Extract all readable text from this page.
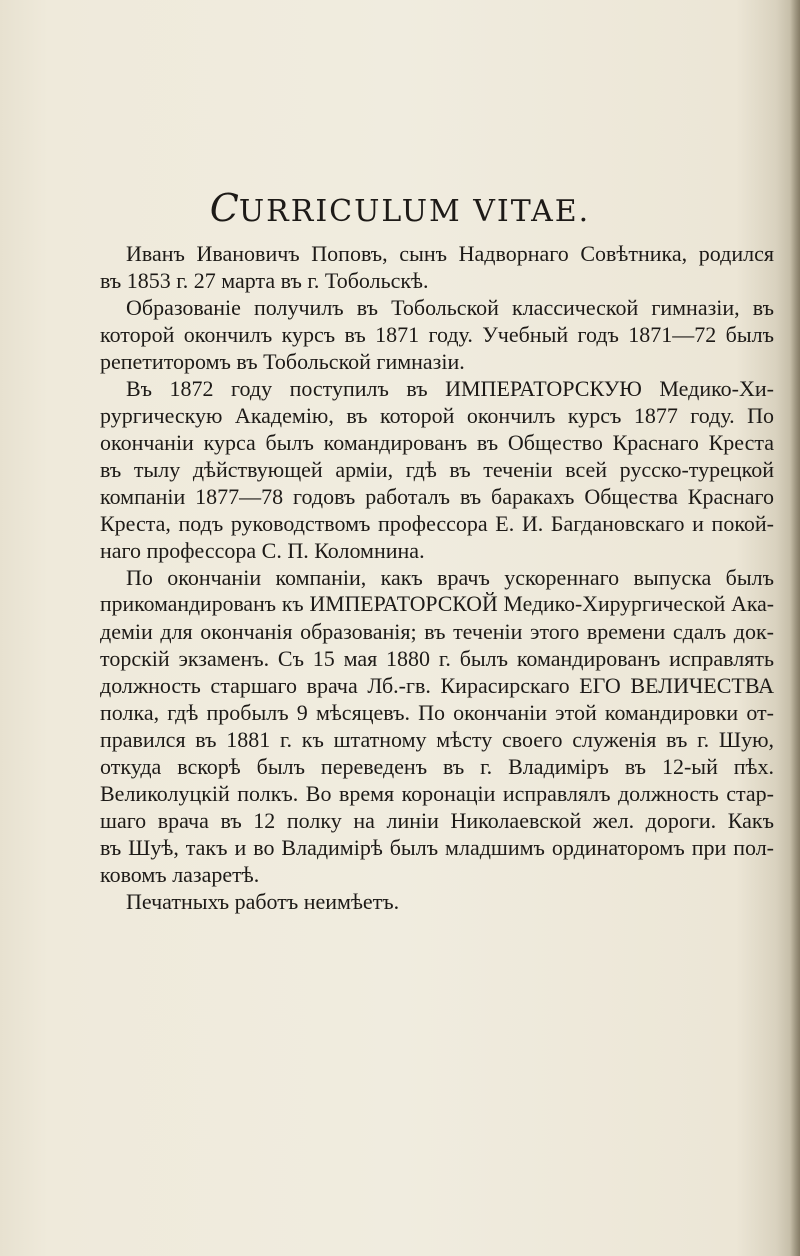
CURRICULUM VITAE.
Иванъ Ивановичъ Поповъ, сынъ Надворнаго Совѣтника, родился
въ 1853 г. 27 марта въ г. Тобольскѣ.
Образованіе получилъ въ Тобольской классической гимназіи, въ
которой окончилъ курсъ въ 1871 году. Учебный годъ 1871—72 былъ
репетиторомъ въ Тобольской гимназіи.
Въ 1872 году поступилъ въ ИМПЕРАТОРСКУЮ Медико-Хи-
рургическую Академію, въ которой окончилъ курсъ 1877 году. По
окончаніи курса былъ командированъ въ Общество Краснаго Креста
въ тылу дѣйствующей арміи, гдѣ въ теченіи всей русско-турецкой
компаніи 1877—78 годовъ работалъ въ баракахъ Общества Краснаго
Креста, подъ руководствомъ профессора Е. И. Багдановскаго и покой-
наго профессора С. П. Коломнина.
По окончаніи компаніи, какъ врачъ ускореннаго выпуска былъ
прикомандированъ къ ИМПЕРАТОРСКОЙ Медико-Хирургической Ака-
деміи для окончанія образованія; въ теченіи этого времени сдалъ док-
торскій экзаменъ. Съ 15 мая 1880 г. былъ командированъ исправлять
должность старшаго врача Лб.-гв. Кирасирскаго ЕГО ВЕЛИЧЕСТВА
полка, гдѣ пробылъ 9 мѣсяцевъ. По окончаніи этой командировки от-
правился въ 1881 г. къ штатному мѣсту своего служенія въ г. Шую,
откуда вскорѣ былъ переведенъ въ г. Владиміръ въ 12-ый пѣх.
Великолуцкій полкъ. Во время коронаціи исправлялъ должность стар-
шаго врача въ 12 полку на линіи Николаевской жел. дороги. Какъ
въ Шуѣ, такъ и во Владимірѣ былъ младшимъ ординаторомъ при пол-
ковомъ лазаретѣ.
Печатныхъ работъ неимѣетъ.
